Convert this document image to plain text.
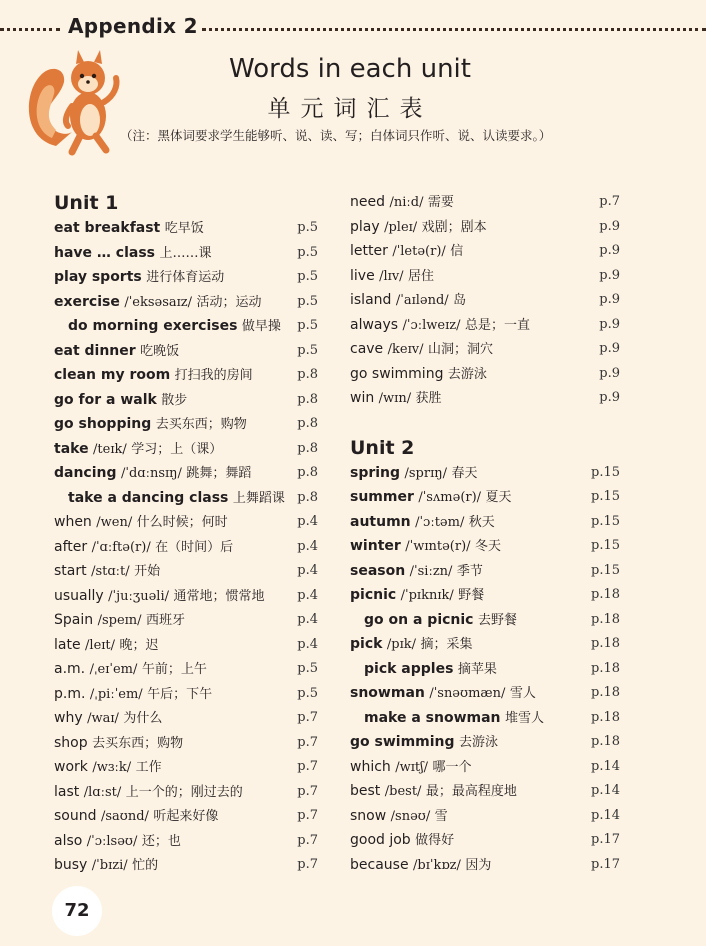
Appendix 2
Words in each unit
单元词汇表
（注：黑体词要求学生能够听、说、读、写；白体词只作听、说、认读要求。）
Unit 1
eat breakfast 吃早饭	p.5
have … class 上……课	p.5
play sports 进行体育运动	p.5
exercise /ˈeksəsaɪz/ 活动；运动	p.5
do morning exercises 做早操 p.5
eat dinner 吃晚饭	p.5
clean my room 打扫我的房间	p.8
go for a walk 散步	p.8
go shopping 去买东西；购物	p.8
take /teɪk/ 学习；上（课）	p.8
dancing /ˈdɑːnsɪŋ/ 跳舞；舞蹈	p.8
take a dancing class 上舞蹈课 p.8
when /wen/ 什么时候；何时	p.4
after /ˈɑːftə(r)/ 在（时间）后	p.4
start /stɑːt/ 开始	p.4
usually /ˈjuːʒuəli/ 通常地；惯常地	p.4
Spain /speɪn/ 西班牙	p.4
late /leɪt/ 晚；迟	p.4
a.m. /ˌeɪˈem/ 午前；上午	p.5
p.m. /ˌpiːˈem/ 午后；下午	p.5
why /waɪ/ 为什么	p.7
shop 去买东西；购物	p.7
work /wɜːk/ 工作	p.7
last /lɑːst/ 上一个的；刚过去的	p.7
sound /saʊnd/ 听起来好像	p.7
also /ˈɔːlsəʊ/ 还；也	p.7
busy /ˈbɪzi/ 忙的	p.7
need /niːd/ 需要	p.7
play /pleɪ/ 戏剧；剧本	p.9
letter /ˈletə(r)/ 信	p.9
live /lɪv/ 居住	p.9
island /ˈaɪlənd/ 岛	p.9
always /ˈɔːlweɪz/ 总是；一直	p.9
cave /keɪv/ 山洞；洞穴	p.9
go swimming 去游泳	p.9
win /wɪn/ 获胜	p.9
Unit 2
spring /sprɪŋ/ 春天	p.15
summer /ˈsʌmə(r)/ 夏天	p.15
autumn /ˈɔːtəm/ 秋天	p.15
winter /ˈwɪntə(r)/ 冬天	p.15
season /ˈsiːzn/ 季节	p.15
picnic /ˈpɪknɪk/ 野餐	p.18
go on a picnic 去野餐	p.18
pick /pɪk/ 摘；采集	p.18
pick apples 摘苹果	p.18
snowman /ˈsnəʊmæn/ 雪人	p.18
make a snowman 堆雪人	p.18
go swimming 去游泳	p.18
which /wɪtʃ/ 哪一个	p.14
best /best/ 最；最高程度地	p.14
snow /snəʊ/ 雪	p.14
good job 做得好	p.17
because /bɪˈkɒz/ 因为	p.17
72
